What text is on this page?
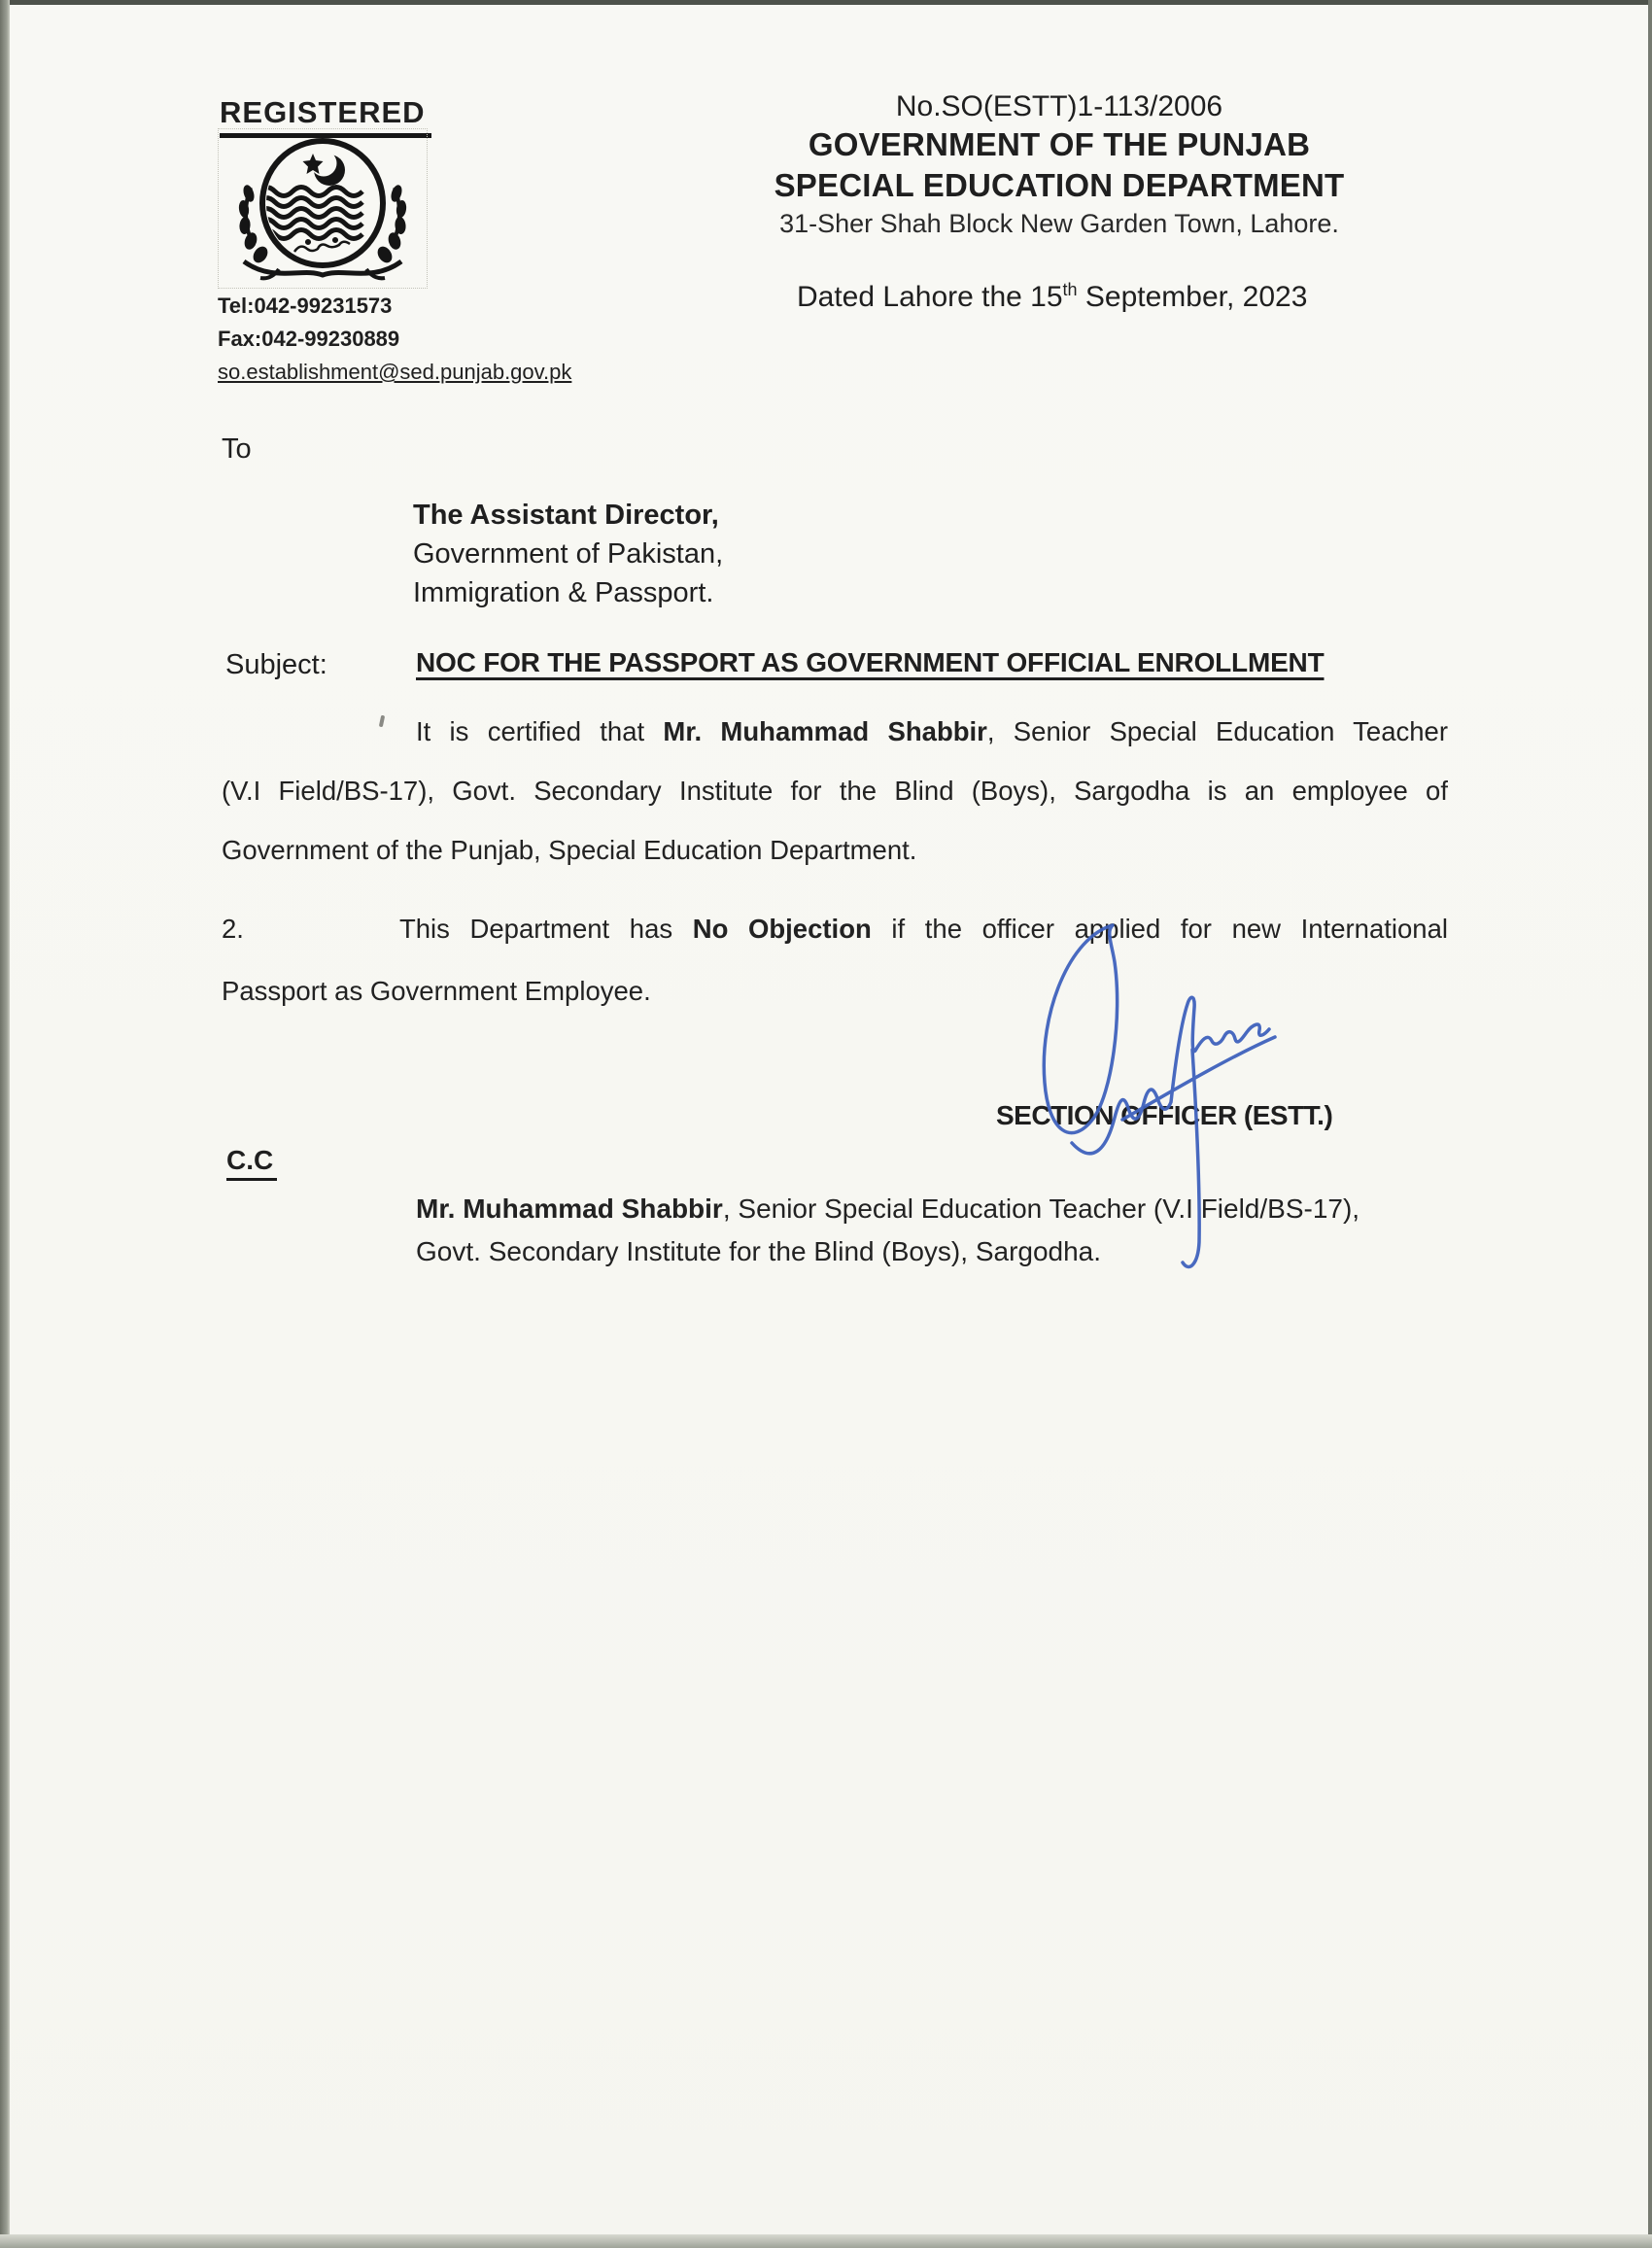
REGISTERED
Tel:042-99231573
Fax:042-99230889
so.establishment@sed.punjab.gov.pk
No.SO(ESTT)1-113/2006
GOVERNMENT OF THE PUNJAB
SPECIAL EDUCATION DEPARTMENT
31-Sher Shah Block New Garden Town, Lahore.
Dated Lahore the 15th September, 2023
To
The Assistant Director,
Government of Pakistan,
Immigration & Passport.
Subject:	NOC FOR THE PASSPORT AS GOVERNMENT OFFICIAL ENROLLMENT
It is certified that Mr. Muhammad Shabbir, Senior Special Education Teacher
(V.I Field/BS-17), Govt. Secondary Institute for the Blind (Boys), Sargodha is an employee of
Government of the Punjab, Special Education Department.
2.	This Department has No Objection if the officer applied for new International
Passport as Government Employee.
SECTION OFFICER (ESTT.)
C.C
Mr. Muhammad Shabbir, Senior Special Education Teacher (V.I Field/BS-17),
Govt. Secondary Institute for the Blind (Boys), Sargodha.
